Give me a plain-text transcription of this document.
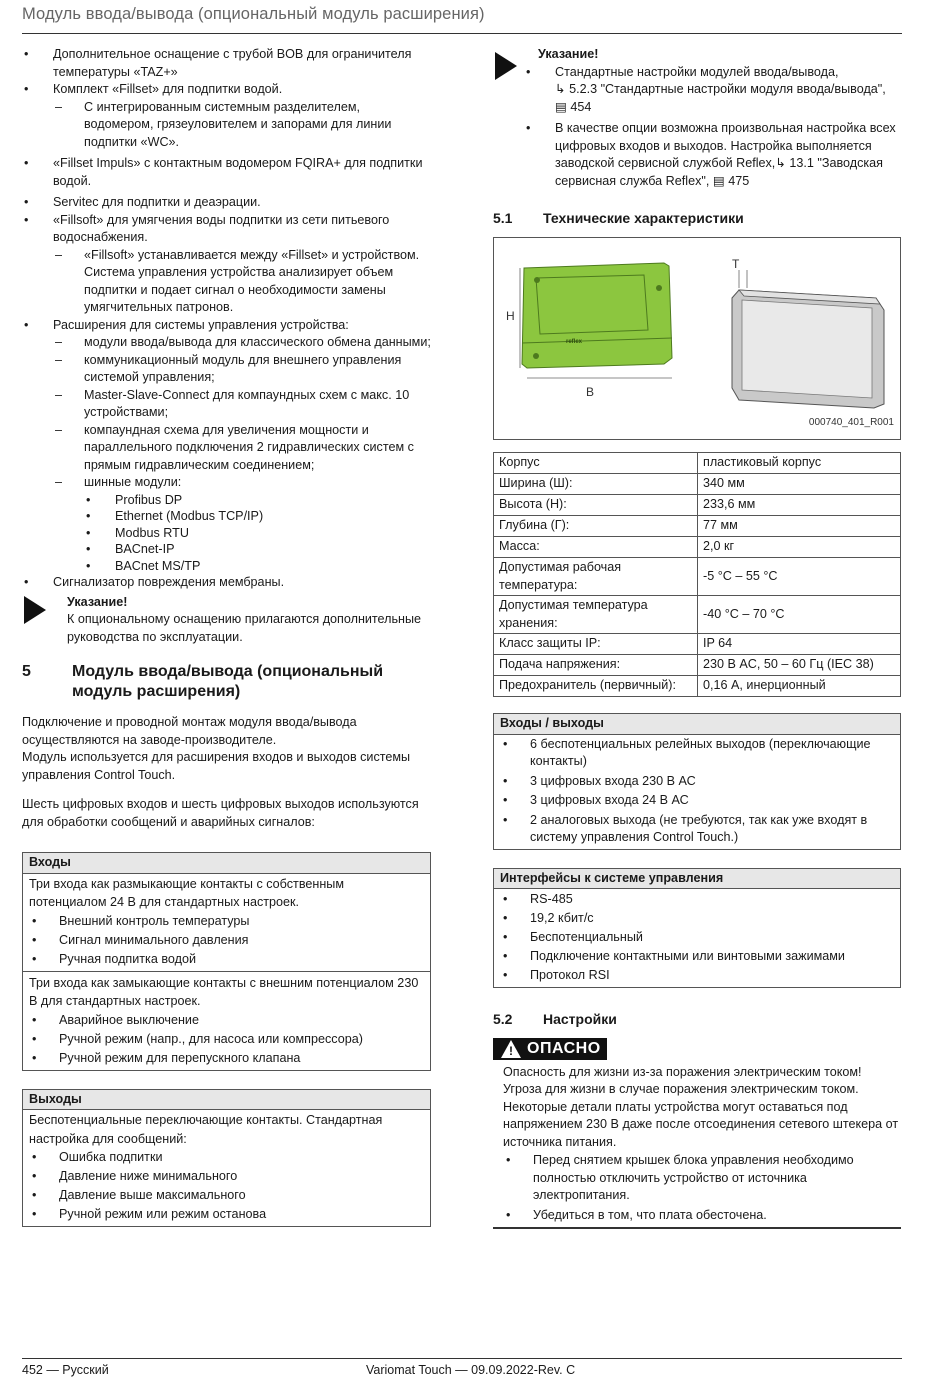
Модуль ввода/вывода (опциональный модуль расширения)
• Дополнительное оснащение с трубой BOB для ограничителя температуры «TAZ+»
• Комплект «Fillset» для подпитки водой.
– С интегрированным системным разделителем, водомером, грязеуловителем и запорами для линии подпитки «WC».
• «Fillset Impuls» с контактным водомером FQIRA+ для подпитки водой.
• Servitec для подпитки и деаэрации.
• «Fillsoft» для умягчения воды подпитки из сети питьевого водоснабжения.
– «Fillsoft» устанавливается между «Fillset» и устройством. Система управления устройства анализирует объем подпитки и подает сигнал о необходимости замены умягчительных патронов.
• Расширения для системы управления устройства:
– модули ввода/вывода для классического обмена данными;
– коммуникационный модуль для внешнего управления системой управления;
– Master-Slave-Connect для компаундных схем с макс. 10 устройствами;
– компаундная схема для увеличения мощности и параллельного подключения 2 гидравлических систем с прямым гидравлическим соединением;
– шинные модули:
• Profibus DP
• Ethernet (Modbus TCP/IP)
• Modbus RTU
• BACnet-IP
• BACnet MS/TP
• Сигнализатор повреждения мембраны.
Указание!
К опциональному оснащению прилагаются дополнительные руководства по эксплуатации.
5	Модуль ввода/вывода (опциональный модуль расширения)

Подключение и проводной монтаж модуля ввода/вывода осуществляются на заводе-производителе.
Модуль используется для расширения входов и выходов системы управления Control Touch.

Шесть цифровых входов и шесть цифровых выходов используются для обработки сообщений и аварийных сигналов:

Входы
Три входа как размыкающие контакты с собственным потенциалом 24 В для стандартных настроек.
• Внешний контроль температуры
• Сигнал минимального давления
• Ручная подпитка водой
Три входа как замыкающие контакты с внешним потенциалом 230 В для стандартных настроек.
• Аварийное выключение
• Ручной режим (напр., для насоса или компрессора)
• Ручной режим для перепускного клапана
Выходы
Беспотенциальные переключающие контакты. Стандартная настройка для сообщений:
• Ошибка подпитки
• Давление ниже минимального
• Давление выше максимального
• Ручной режим или режим останова
Указание!
• Стандартные настройки модулей ввода/вывода,
↳ 5.2.3 "Стандартные настройки модуля ввода/вывода", ▤ 454
• В качестве опции возможна произвольная настройка всех цифровых входов и выходов. Настройка выполняется заводской сервисной службой Reflex,↳ 13.1 "Заводская сервисная служба Reflex", ▤ 475
5.1	Технические характеристики
H
B
T
reflex
000740_401_R001
Корпус	пластиковый корпус
Ширина (Ш):	340 мм
Высота (Н):	233,6 мм
Глубина (Г):	77 мм
Масса:	2,0 кг
Допустимая рабочая температура:	-5 °C – 55 °C
Допустимая температура хранения:	-40 °C – 70 °C
Класс защиты IP:	IP 64
Подача напряжения:	230 В AC, 50 – 60 Гц (IEC 38)
Предохранитель (первичный):	0,16 А, инерционный
Входы / выходы
• 6 беспотенциальных релейных выходов (переключающие контакты)
• 3 цифровых входа 230 В АС
• 3 цифровых входа 24 В АС
• 2 аналоговых выхода (не требуются, так как уже входят в систему управления Control Touch.)
Интерфейсы к системе управления
• RS-485
• 19,2 кбит/с
• Беспотенциальный
• Подключение контактными или винтовыми зажимами
• Протокол RSI
5.2	Настройки
!
ОПАСНО
Опасность для жизни из-за поражения электрическим током!
Угроза для жизни в случае поражения электрическим током. Некоторые детали платы устройства могут оставаться под напряжением 230 В даже после отсоединения сетевого штекера от источника питания.
• Перед снятием крышек блока управления необходимо полностью отключить устройство от источника электропитания.
• Убедиться в том, что плата обесточена.
452 — Русский	Variomat Touch — 09.09.2022-Rev. C
